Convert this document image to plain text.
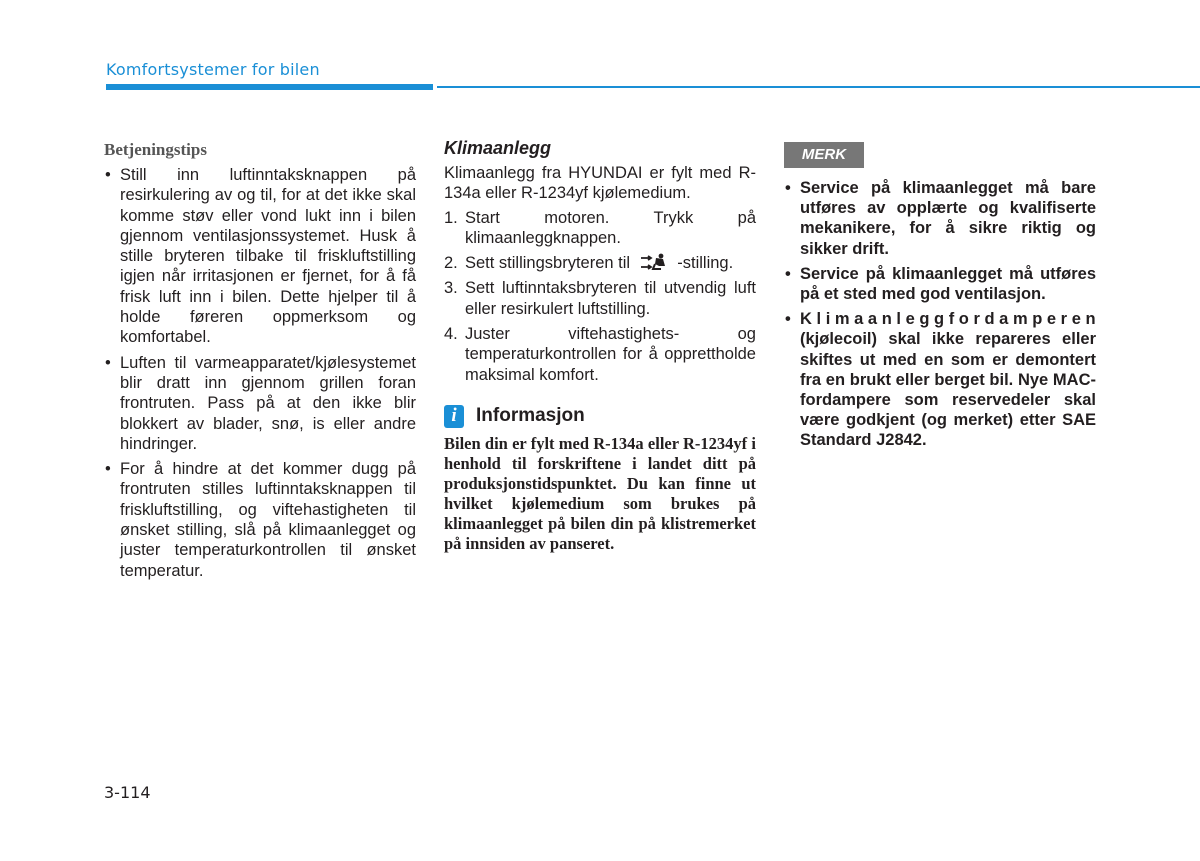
Komfortsystemer for bilen
Betjeningstips
• Still inn luftinntaksknappen på resirkulering av og til, for at det ikke skal komme støv eller vond lukt inn i bilen gjennom ventilasjonssystemet. Husk å stille bryteren tilbake til friskluftstilling igjen når irritasjonen er fjernet, for å få frisk luft inn i bilen. Dette hjelper til å holde føreren oppmerksom og komfortabel.
• Luften til varmeapparatet/kjølesystemet blir dratt inn gjennom grillen foran frontruten. Pass på at den ikke blir blokkert av blader, snø, is eller andre hindringer.
• For å hindre at det kommer dugg på frontruten stilles luftinntaksknappen til friskluftstilling, og viftehastigheten til ønsket stilling, slå på klimaanlegget og juster temperaturkontrollen til ønsket temperatur.
Klimaanlegg
Klimaanlegg fra HYUNDAI er fylt med R-134a eller R-1234yf kjølemedium.
1. Start motoren. Trykk på klimaanleggknappen.
2. Sett stillingsbryteren til	-stilling.
3. Sett luftinntaksbryteren til utvendig luft eller resirkulert luftstilling.
4. Juster viftehastighets- og temperaturkontrollen for å opprettholde maksimal komfort.
i	Informasjon
Bilen din er fylt med R-134a eller R-1234yf i henhold til forskriftene i landet ditt på produksjonstidspunktet. Du kan finne ut hvilket kjølemedium som brukes på klimaanlegget på bilen din på klistremerket på innsiden av panseret.
MERK
• Service på klimaanlegget må bare utføres av opplærte og kvalifiserte mekanikere, for å sikre riktig og sikker drift.
• Service på klimaanlegget må utføres på et sted med god ventilasjon.
• Klimaanleggfordamperen (kjølecoil) skal ikke repareres eller skiftes ut med en som er demontert fra en brukt eller berget bil. Nye MAC-fordampere som reservedeler skal være godkjent (og merket) etter SAE Standard J2842.
3-114
